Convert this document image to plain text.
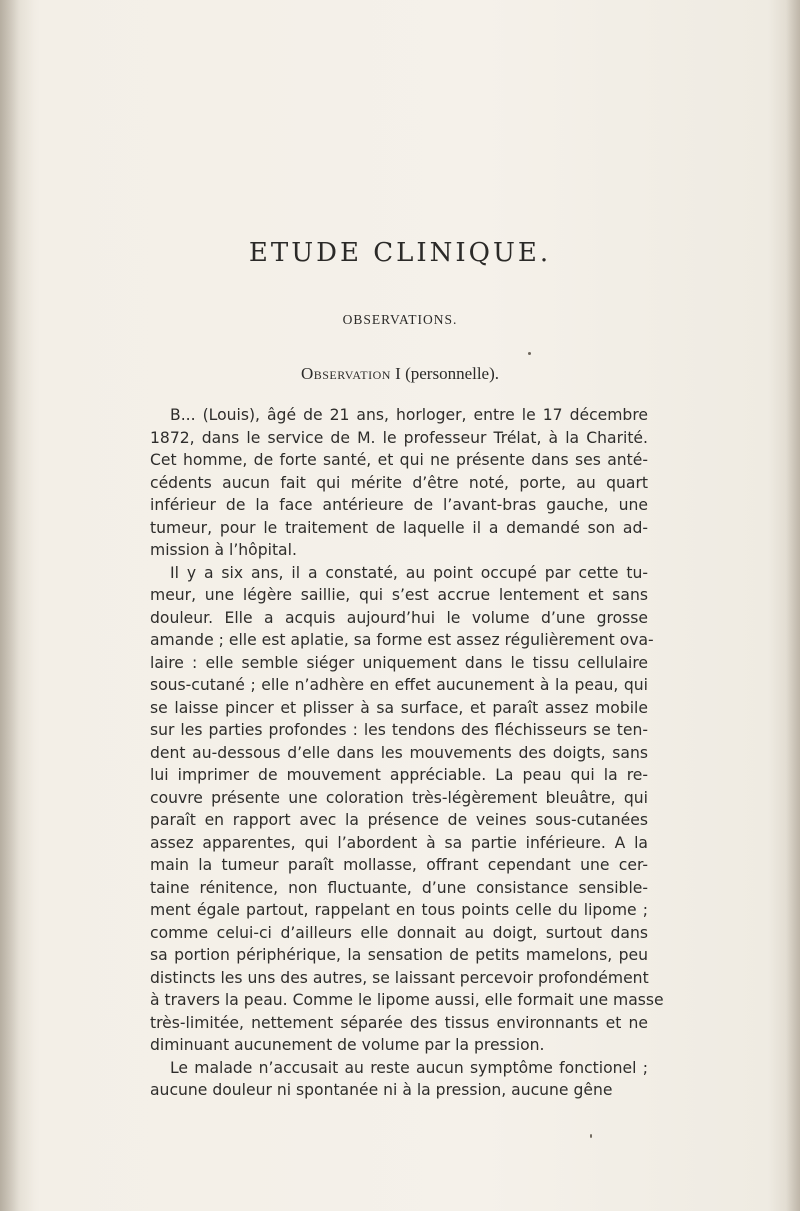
ETUDE CLINIQUE.
OBSERVATIONS.
Observation I (personnelle).
B... (Louis), âgé de 21 ans, horloger, entre le 17 décembre
1872, dans le service de M. le professeur Trélat, à la Charité.
Cet homme, de forte santé, et qui ne présente dans ses anté-
cédents aucun fait qui mérite d’être noté, porte, au quart
inférieur de la face antérieure de l’avant-bras gauche, une
tumeur, pour le traitement de laquelle il a demandé son ad-
mission à l’hôpital.
Il y a six ans, il a constaté, au point occupé par cette tu-
meur, une légère saillie, qui s’est accrue lentement et sans
douleur. Elle a acquis aujourd’hui le volume d’une grosse
amande ; elle est aplatie, sa forme est assez régulièrement ova-
laire : elle semble siéger uniquement dans le tissu cellulaire
sous-cutané ; elle n’adhère en effet aucunement à la peau, qui
se laisse pincer et plisser à sa surface, et paraît assez mobile
sur les parties profondes : les tendons des fléchisseurs se ten-
dent au-dessous d’elle dans les mouvements des doigts, sans
lui imprimer de mouvement appréciable. La peau qui la re-
couvre présente une coloration très-légèrement bleuâtre, qui
paraît en rapport avec la présence de veines sous-cutanées
assez apparentes, qui l’abordent à sa partie inférieure. A la
main la tumeur paraît mollasse, offrant cependant une cer-
taine rénitence, non fluctuante, d’une consistance sensible-
ment égale partout, rappelant en tous points celle du lipome ;
comme celui-ci d’ailleurs elle donnait au doigt, surtout dans
sa portion périphérique, la sensation de petits mamelons, peu
distincts les uns des autres, se laissant percevoir profondément
à travers la peau. Comme le lipome aussi, elle formait une masse
très-limitée, nettement séparée des tissus environnants et ne
diminuant aucunement de volume par la pression.
Le malade n’accusait au reste aucun symptôme fonctionel ;
aucune douleur ni spontanée ni à la pression, aucune gêne
